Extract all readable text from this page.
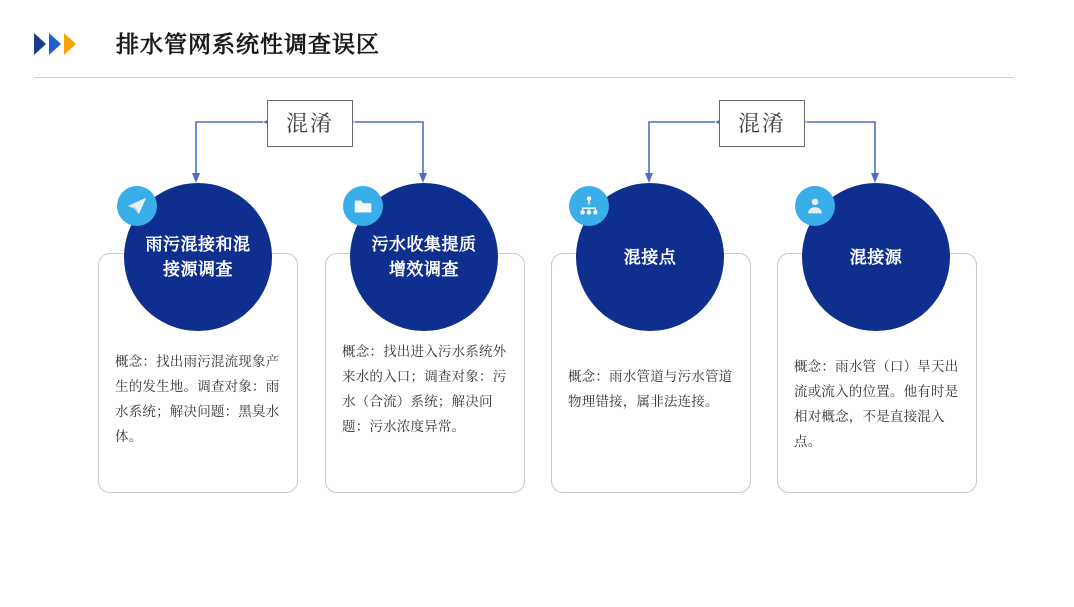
排水管网系统性调查误区
混淆	混淆
概念：找出雨污混流现象产生的发生地。调查对象：雨水系统；解决问题：黑臭水体。
概念：找出进入污水系统外来水的入口；调查对象：污水（合流）系统；解决问题：污水浓度异常。
概念：雨水管道与污水管道物理错接，属非法连接。
概念：雨水管（口）旱天出流或流入的位置。他有时是相对概念，不是直接混入点。
雨污混接和混接源调查
污水收集提质增效调查
混接点	混接源
